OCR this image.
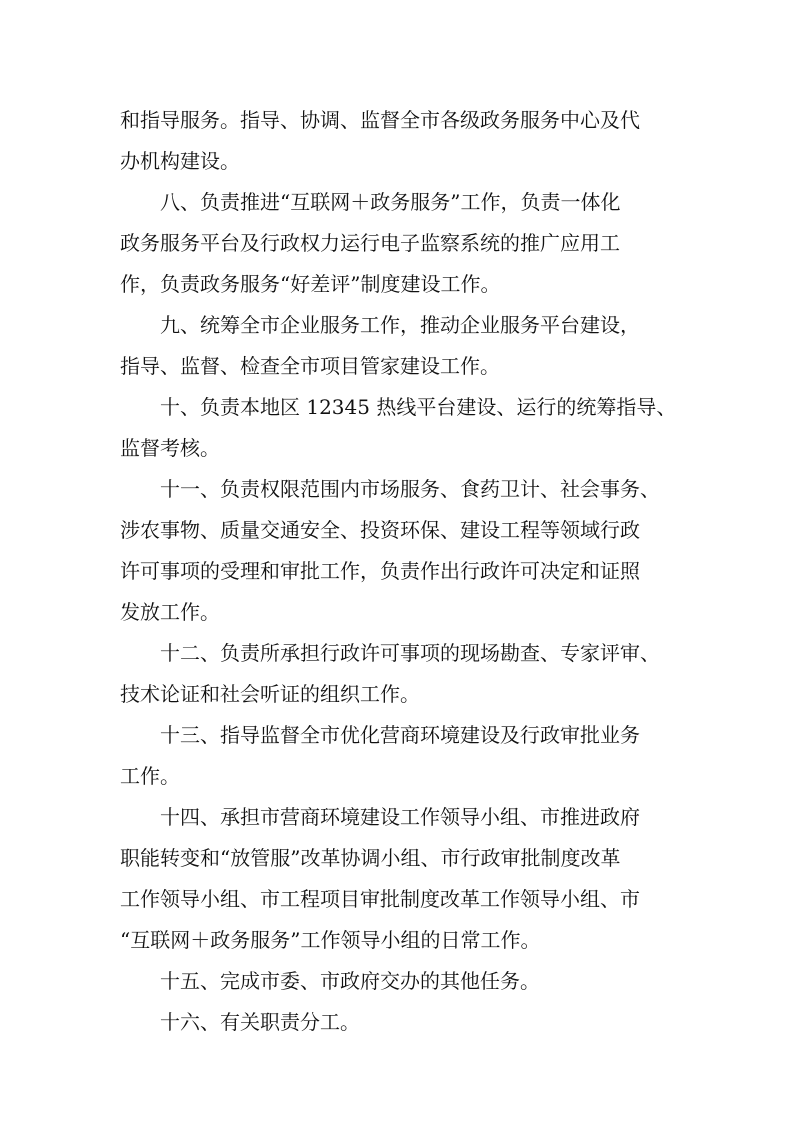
和指导服务。指导、协调、监督全市各级政务服务中心及代
办机构建设。
八、负责推进“互联网＋政务服务”工作，负责一体化
政务服务平台及行政权力运行电子监察系统的推广应用工
作，负责政务服务“好差评”制度建设工作。
九、统筹全市企业服务工作，推动企业服务平台建设，
指导、监督、检查全市项目管家建设工作。
十、负责本地区 12345 热线平台建设、运行的统筹指导、
监督考核。
十一、负责权限范围内市场服务、食药卫计、社会事务、
涉农事物、质量交通安全、投资环保、建设工程等领域行政
许可事项的受理和审批工作，负责作出行政许可决定和证照
发放工作。
十二、负责所承担行政许可事项的现场勘查、专家评审、
技术论证和社会听证的组织工作。
十三、指导监督全市优化营商环境建设及行政审批业务
工作。
十四、承担市营商环境建设工作领导小组、市推进政府
职能转变和“放管服”改革协调小组、市行政审批制度改革
工作领导小组、市工程项目审批制度改革工作领导小组、市
“互联网＋政务服务”工作领导小组的日常工作。
十五、完成市委、市政府交办的其他任务。
十六、有关职责分工。
